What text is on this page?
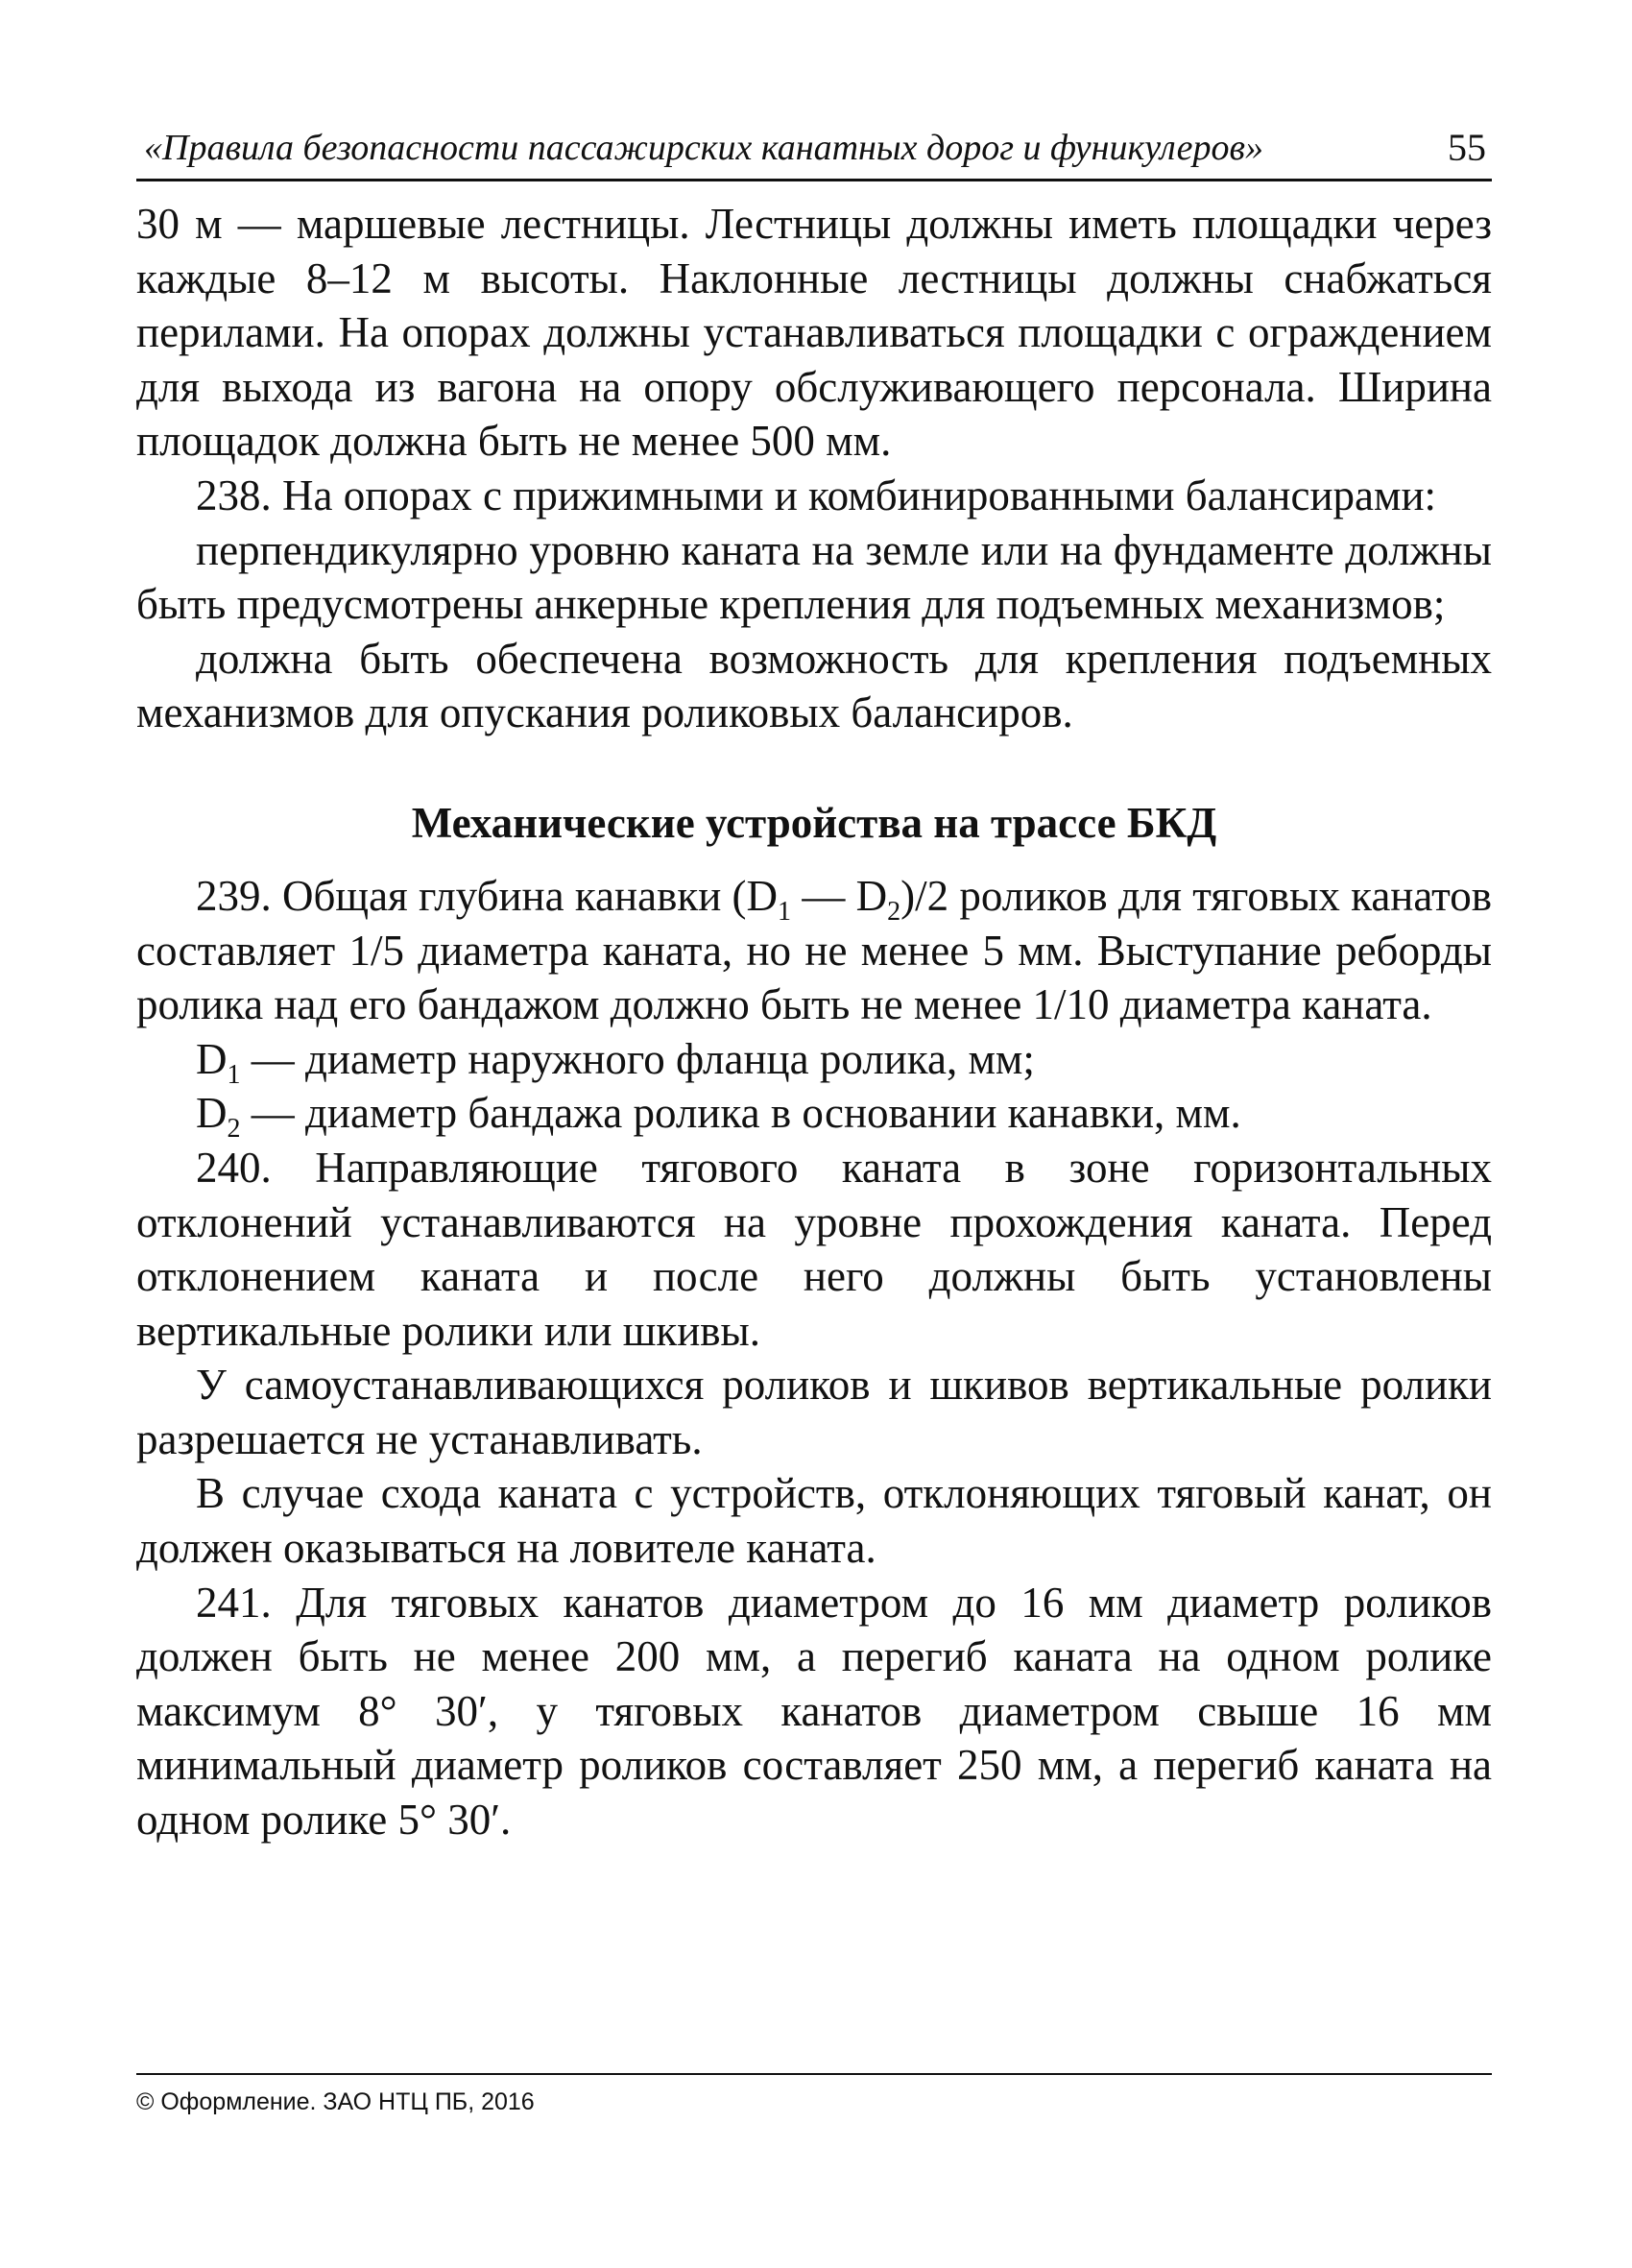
«Правила безопасности пассажирских канатных дорог и фуникулеров»	55

30 м — маршевые лестницы. Лестницы должны иметь площадки через каждые 8–12 м высоты. Наклонные лестницы должны снабжаться перилами. На опорах должны устанавливаться площадки с ограждением для выхода из вагона на опору обслуживающего персонала. Ширина площадок должна быть не менее 500 мм.

238. На опорах с прижимными и комбинированными балансирами:

перпендикулярно уровню каната на земле или на фундаменте должны быть предусмотрены анкерные крепления для подъемных механизмов;

должна быть обеспечена возможность для крепления подъемных механизмов для опускания роликовых балансиров.

Механические устройства на трассе БКД

239. Общая глубина канавки ($D_1$ — $D_2)/2$ роликов для тяговых канатов составляет 1/5 диаметра каната, но не менее 5 мм. Выступание реборды ролика над его бандажом должно быть не менее 1/10 диаметра каната.

$D_1$ — диаметр наружного фланца ролика, мм;

$D_2$ — диаметр бандажа ролика в основании канавки, мм.

240. Направляющие тягового каната в зоне горизонтальных отклонений устанавливаются на уровне прохождения каната. Перед отклонением каната и после него должны быть установлены вертикальные ролики или шкивы.

У самоустанавливающихся роликов и шкивов вертикальные ролики разрешается не устанавливать.

В случае схода каната с устройств, отклоняющих тяговый канат, он должен оказываться на ловителе каната.

241. Для тяговых канатов диаметром до 16 мм диаметр роликов должен быть не менее 200 мм, а перегиб каната на одном ролике максимум 8° 30′, у тяговых канатов диаметром свыше 16 мм минимальный диаметр роликов составляет 250 мм, а перегиб каната на одном ролике 5° 30′.

© Оформление. ЗАО НТЦ ПБ, 2016
